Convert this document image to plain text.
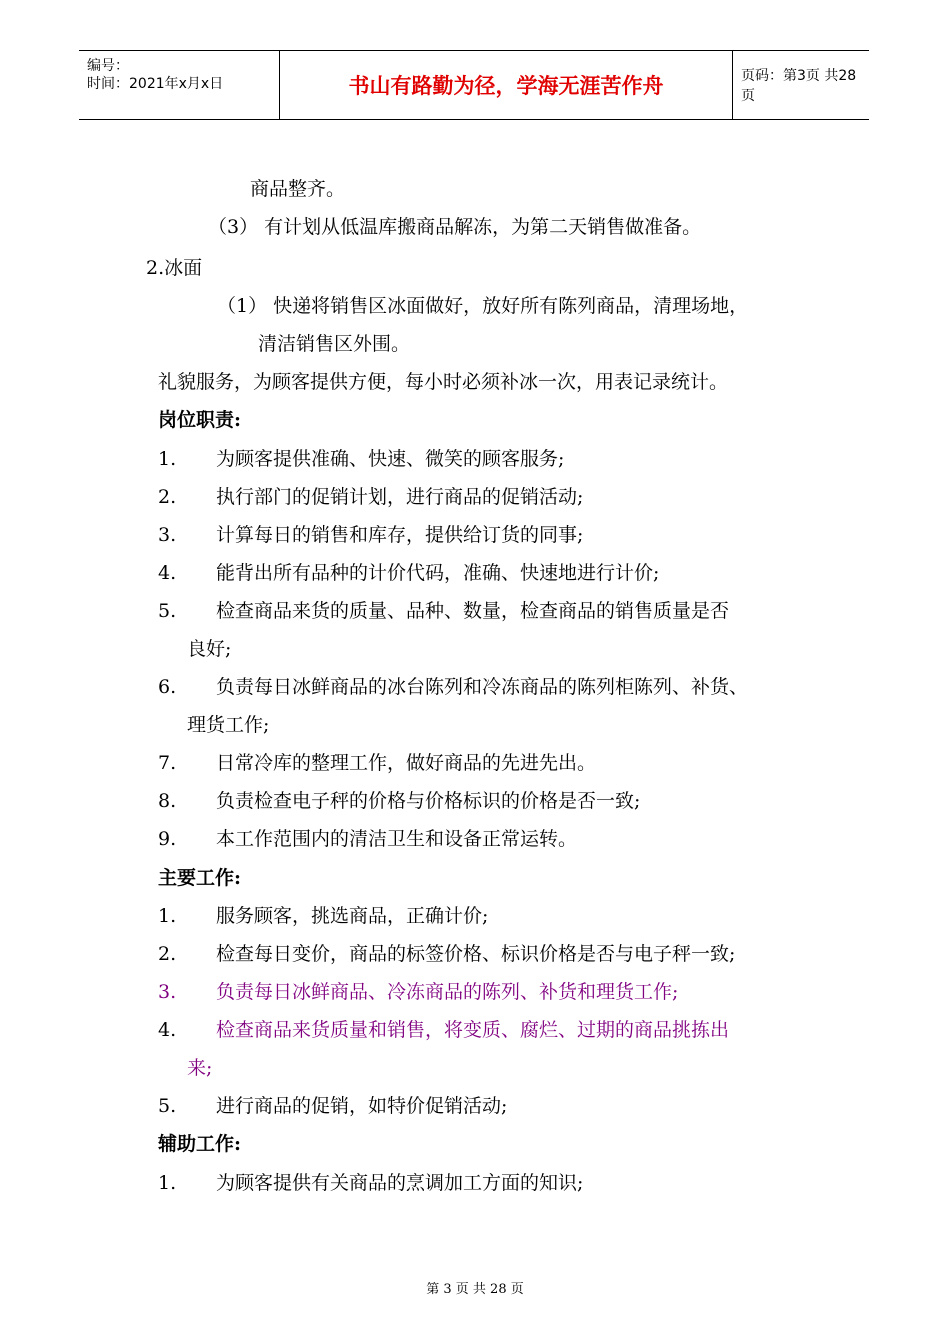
编号：
时间：2021年x月x日	书山有路勤为径，学海无涯苦作舟	页码：第3页 共28页
商品整齐。
（3） 有计划从低温库搬商品解冻，为第二天销售做准备。
2.冰面
（1） 快递将销售区冰面做好，放好所有陈列商品，清理场地，
清洁销售区外围。
礼貌服务，为顾客提供方便，每小时必须补冰一次，用表记录统计。
岗位职责:
1. 为顾客提供准确、快速、微笑的顾客服务;
2. 执行部门的促销计划，进行商品的促销活动;
3. 计算每日的销售和库存，提供给订货的同事;
4. 能背出所有品种的计价代码，准确、快速地进行计价;
5. 检查商品来货的质量、品种、数量，检查商品的销售质量是否
良好;
6. 负责每日冰鲜商品的冰台陈列和冷冻商品的陈列柜陈列、补货、
理货工作;
7. 日常冷库的整理工作，做好商品的先进先出。
8. 负责检查电子秤的价格与价格标识的价格是否一致;
9. 本工作范围内的清洁卫生和设备正常运转。
主要工作:
1. 服务顾客，挑选商品，正确计价;
2. 检查每日变价，商品的标签价格、标识价格是否与电子秤一致;
3. 负责每日冰鲜商品、冷冻商品的陈列、补货和理货工作;
4. 检查商品来货质量和销售，将变质、腐烂、过期的商品挑拣出
来;
5. 进行商品的促销，如特价促销活动;
辅助工作:
1. 为顾客提供有关商品的烹调加工方面的知识;
第 3 页 共 28 页
